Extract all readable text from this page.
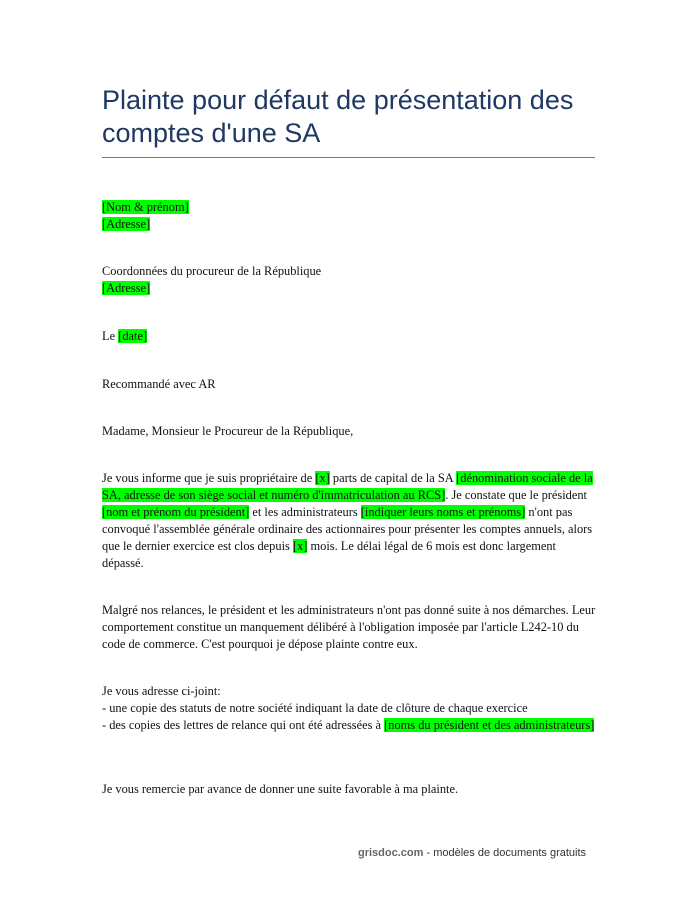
Plainte pour défaut de présentation des comptes d'une SA

[Nom & prénom]

[Adresse]

Coordonnées du procureur de la République

[Adresse]

Le [date]

Recommandé avec AR

Madame, Monsieur le Procureur de la République,

Je vous informe que je suis propriétaire de [x] parts de capital de la SA [dénomination sociale de la SA, adresse de son siège social et numéro d'immatriculation au RCS]. Je constate que le président [nom et prénom du président] et les administrateurs [indiquer leurs noms et prénoms] n'ont pas convoqué l'assemblée générale ordinaire des actionnaires pour présenter les comptes annuels, alors que le dernier exercice est clos depuis [x] mois. Le délai légal de 6 mois est donc largement dépassé.

Malgré nos relances, le président et les administrateurs n'ont pas donné suite à nos démarches. Leur comportement constitue un manquement délibéré à l'obligation imposée par l'article L242-10 du code de commerce. C'est pourquoi je dépose plainte contre eux.

Je vous adresse ci-joint:

- une copie des statuts de notre société indiquant la date de clôture de chaque exercice

- des copies des lettres de relance qui ont été adressées à [noms du président et des administrateurs]

Je vous remercie par avance de donner une suite favorable à ma plainte.

grisdoc.com - modèles de documents gratuits
